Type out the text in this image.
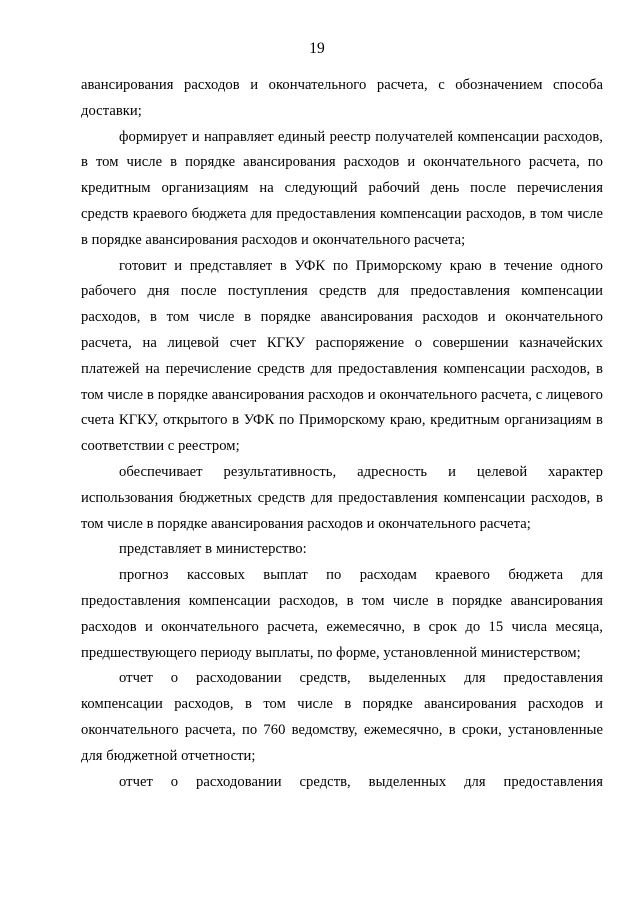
19

авансирования расходов и окончательного расчета, с обозначением способа доставки;

формирует и направляет единый реестр получателей компенсации расходов, в том числе в порядке авансирования расходов и окончательного расчета, по кредитным организациям на следующий рабочий день после перечисления средств краевого бюджета для предоставления компенсации расходов, в том числе в порядке авансирования расходов и окончательного расчета;

готовит и представляет в УФК по Приморскому краю в течение одного рабочего дня после поступления средств для предоставления компенсации расходов, в том числе в порядке авансирования расходов и окончательного расчета, на лицевой счет КГКУ распоряжение о совершении казначейских платежей на перечисление средств для предоставления компенсации расходов, в том числе в порядке авансирования расходов и окончательного расчета, с лицевого счета КГКУ, открытого в УФК по Приморскому краю, кредитным организациям в соответствии с реестром;

обеспечивает результативность, адресность и целевой характер использования бюджетных средств для предоставления компенсации расходов, в том числе в порядке авансирования расходов и окончательного расчета;

представляет в министерство:

прогноз кассовых выплат по расходам краевого бюджета для предоставления компенсации расходов, в том числе в порядке авансирования расходов и окончательного расчета, ежемесячно, в срок до 15 числа месяца, предшествующего периоду выплаты, по форме, установленной министерством;

отчет о расходовании средств, выделенных для предоставления компенсации расходов, в том числе в порядке авансирования расходов и окончательного расчета, по 760 ведомству, ежемесячно, в сроки, установленные для бюджетной отчетности;

отчет о расходовании средств, выделенных для предоставления
